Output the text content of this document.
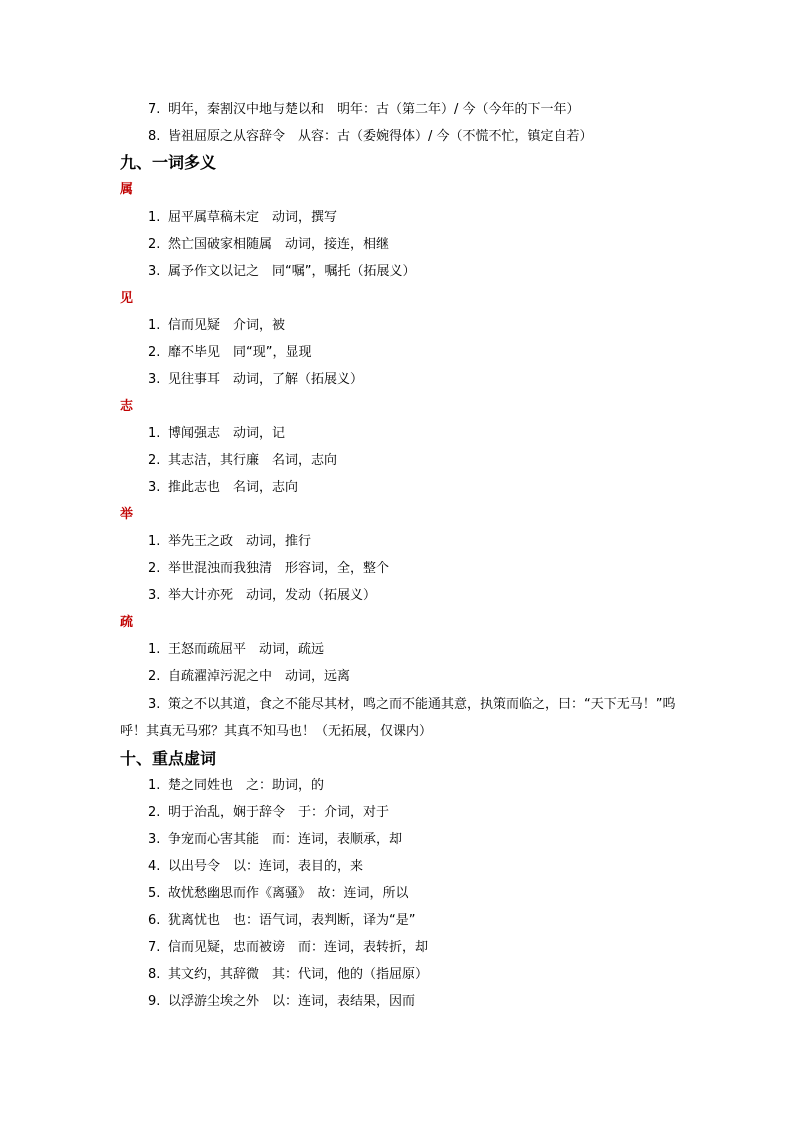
7. 明年，秦割汉中地与楚以和　明年：古（第二年）/ 今（今年的下一年）
8. 皆祖屈原之从容辞令　从容：古（委婉得体）/ 今（不慌不忙，镇定自若）
九、一词多义
属
1. 屈平属草稿未定　动词，撰写
2. 然亡国破家相随属　动词，接连，相继
3. 属予作文以记之　同“嘱”，嘱托（拓展义）
见
1. 信而见疑　介词，被
2. 靡不毕见　同“现”，显现
3. 见往事耳　动词，了解（拓展义）
志
1. 博闻强志　动词，记
2. 其志洁，其行廉　名词，志向
3. 推此志也　名词，志向
举
1. 举先王之政　动词，推行
2. 举世混浊而我独清　形容词，全，整个
3. 举大计亦死　动词，发动（拓展义）
疏
1. 王怒而疏屈平　动词，疏远
2. 自疏濯淖污泥之中　动词，远离
3. 策之不以其道，食之不能尽其材，鸣之而不能通其意，执策而临之，曰：“天下无马！”呜呼！其真无马邪？其真不知马也！（无拓展，仅课内）
十、重点虚词
1. 楚之同姓也　之：助词，的
2. 明于治乱，娴于辞令　于：介词，对于
3. 争宠而心害其能　而：连词，表顺承，却
4. 以出号令　以：连词，表目的，来
5. 故忧愁幽思而作《离骚》　故：连词，所以
6. 犹离忧也　也：语气词，表判断，译为“是”
7. 信而见疑，忠而被谤　而：连词，表转折，却
8. 其文约，其辞微　其：代词，他的（指屈原）
9. 以浮游尘埃之外　以：连词，表结果，因而
